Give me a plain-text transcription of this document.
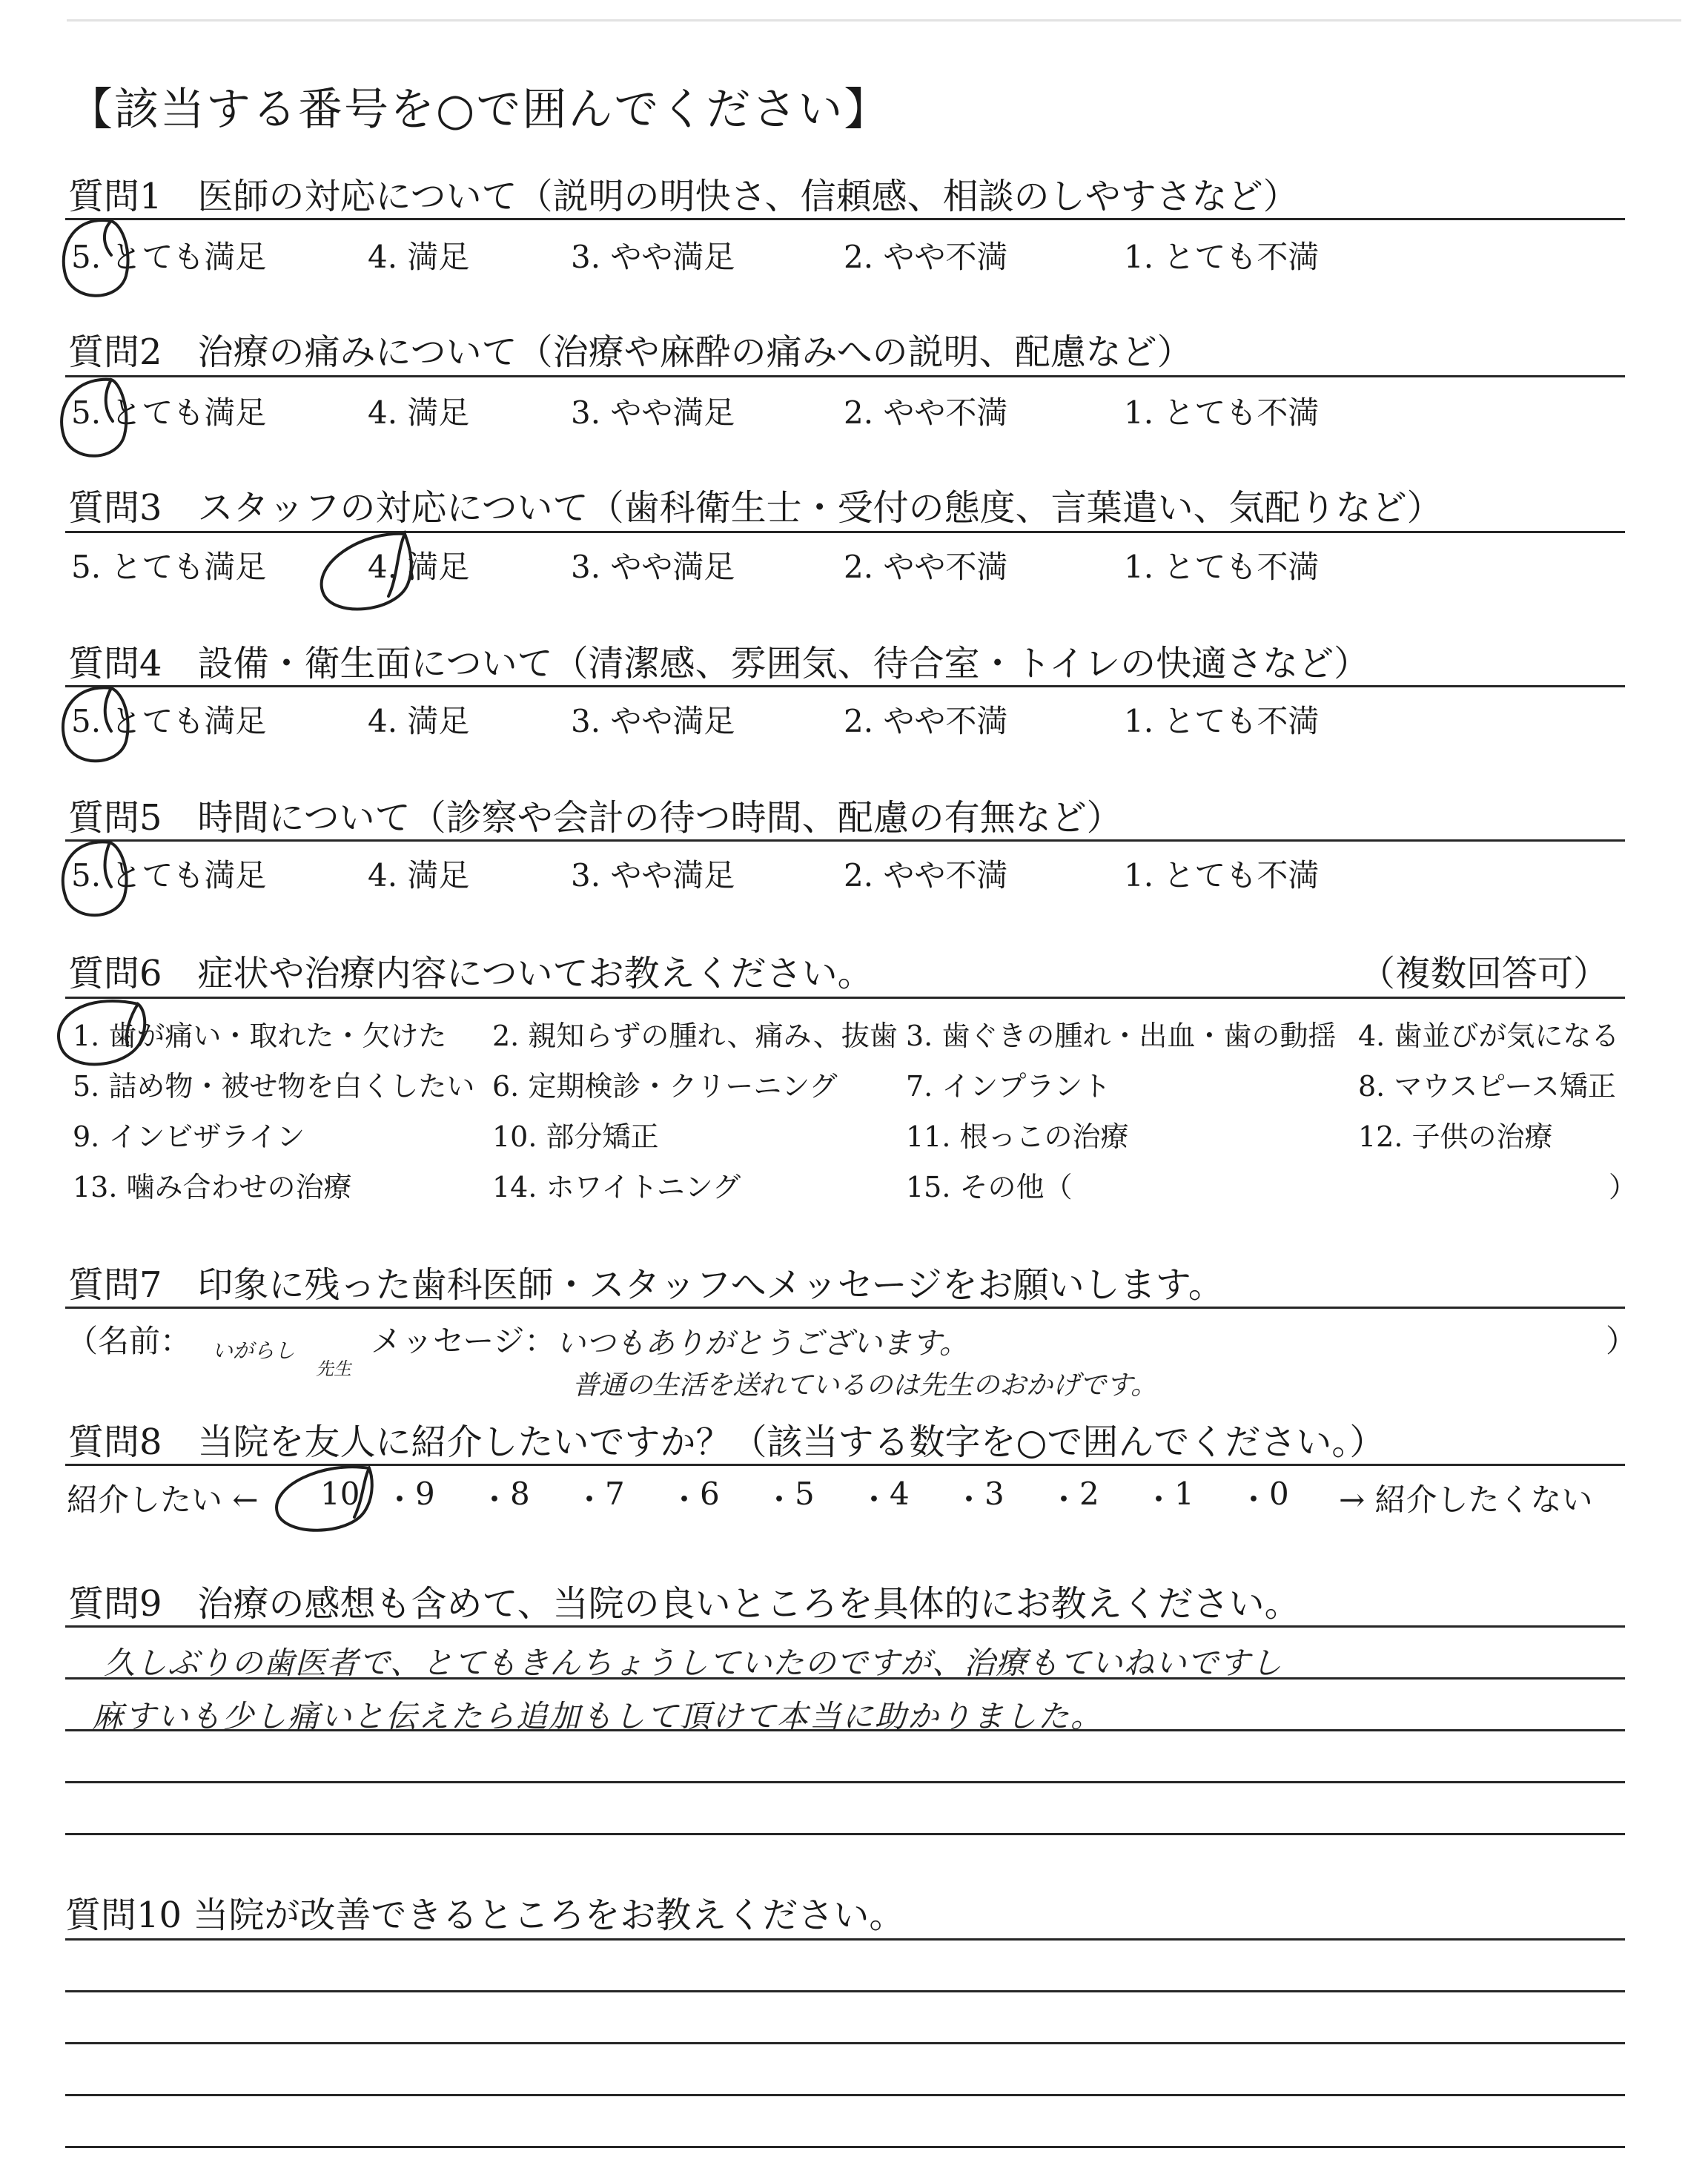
【該当する番号を○で囲んでください】
質問1　医師の対応について（説明の明快さ、信頼感、相談のしやすさなど）
5. とても満足	4. 満足	3. やや満足	2. やや不満	1. とても不満
質問2　治療の痛みについて（治療や麻酔の痛みへの説明、配慮など）
5. とても満足	4. 満足	3. やや満足	2. やや不満	1. とても不満
質問3　スタッフの対応について（歯科衛生士・受付の態度、言葉遣い、気配りなど）
5. とても満足	4. 満足	3. やや満足	2. やや不満	1. とても不満
質問4　設備・衛生面について（清潔感、雰囲気、待合室・トイレの快適さなど）
5. とても満足	4. 満足	3. やや満足	2. やや不満	1. とても不満
質問5　時間について（診察や会計の待つ時間、配慮の有無など）
5. とても満足	4. 満足	3. やや満足	2. やや不満	1. とても不満
質問6　症状や治療内容についてお教えください。	（複数回答可）
1. 歯が痛い・取れた・欠けた 2. 親知らずの腫れ、痛み、抜歯 3. 歯ぐきの腫れ・出血・歯の動揺 4. 歯並びが気になる
5. 詰め物・被せ物を白くしたい 6. 定期検診・クリーニング 7. インプラント	8. マウスピース矯正
9. インビザライン	10. 部分矯正	11. 根っこの治療	12. 子供の治療
13. 噛み合わせの治療	14. ホワイトニング	15. その他（	）
質問7　印象に残った歯科医師・スタッフへメッセージをお願いします。
（名前： いがらし
先生
メッセージ： いつもありがとうございます。
普通の生活を送れているのは先生のおかげです。
）
質問8　当院を友人に紹介したいですか？（該当する数字を○で囲んでください。）
紹介したい ← 10 ・ 9 ・ 8 ・ 7 ・ 6 ・ 5 ・ 4 ・ 3 ・ 2 ・ 1 ・ 0 → 紹介したくない
質問9　治療の感想も含めて、当院の良いところを具体的にお教えください。
久しぶりの歯医者で、とてもきんちょうしていたのですが、治療もていねいですし
麻すいも少し痛いと伝えたら追加もして頂けて本当に助かりました。
質問10 当院が改善できるところをお教えください。
